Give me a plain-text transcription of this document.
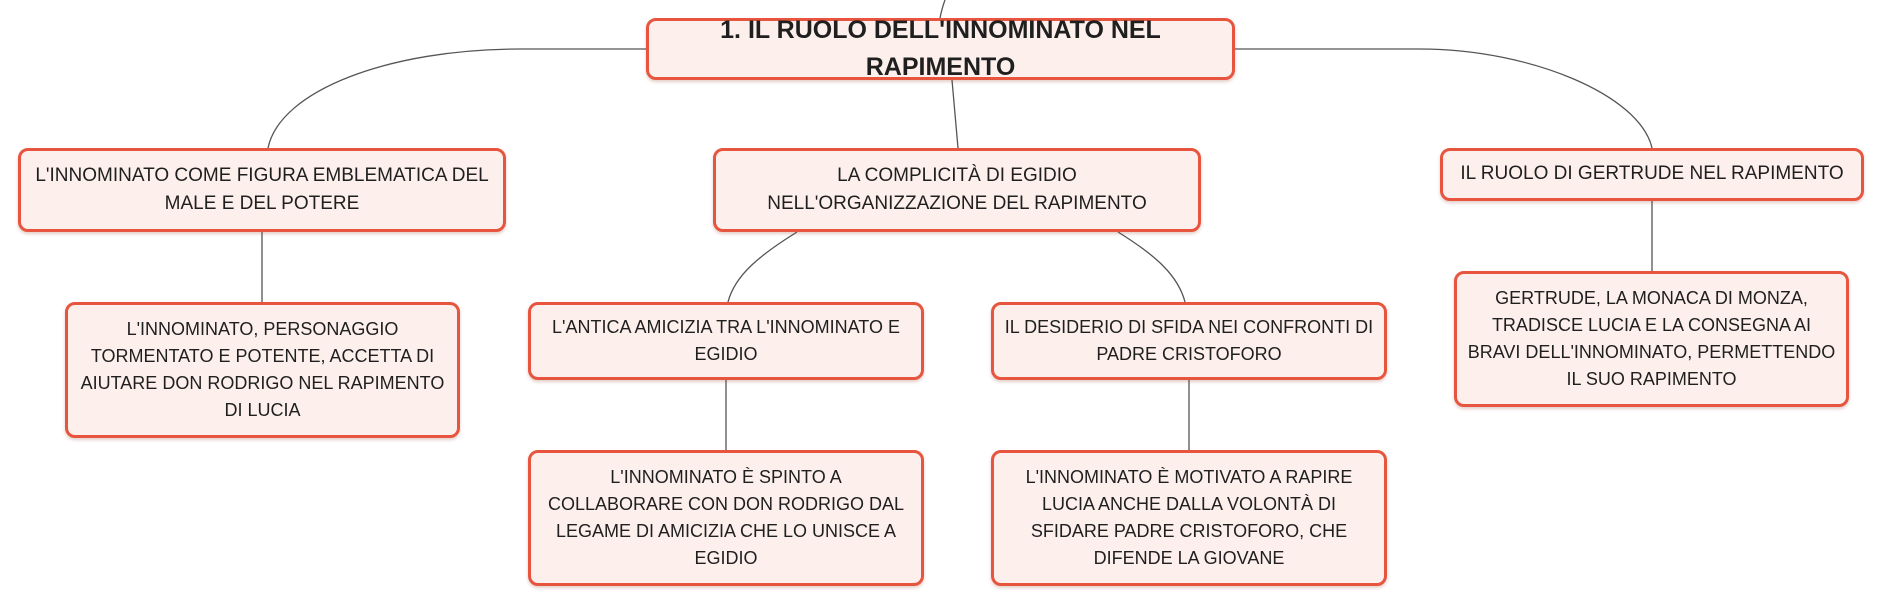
1. IL RUOLO DELL'INNOMINATO NEL RAPIMENTO
L'INNOMINATO COME FIGURA EMBLEMATICA DEL MALE E DEL POTERE
LA COMPLICITÀ DI EGIDIO NELL'ORGANIZZAZIONE DEL RAPIMENTO
IL RUOLO DI GERTRUDE NEL RAPIMENTO
L'INNOMINATO, PERSONAGGIO TORMENTATO E POTENTE, ACCETTA DI AIUTARE DON RODRIGO NEL RAPIMENTO DI LUCIA
L'ANTICA AMICIZIA TRA L'INNOMINATO E EGIDIO
IL DESIDERIO DI SFIDA NEI CONFRONTI DI PADRE CRISTOFORO
GERTRUDE, LA MONACA DI MONZA, TRADISCE LUCIA E LA CONSEGNA AI BRAVI DELL'INNOMINATO, PERMETTENDO IL SUO RAPIMENTO
L'INNOMINATO È SPINTO A COLLABORARE CON DON RODRIGO DAL LEGAME DI AMICIZIA CHE LO UNISCE A EGIDIO
L'INNOMINATO È MOTIVATO A RAPIRE LUCIA ANCHE DALLA VOLONTÀ DI SFIDARE PADRE CRISTOFORO, CHE DIFENDE LA GIOVANE
